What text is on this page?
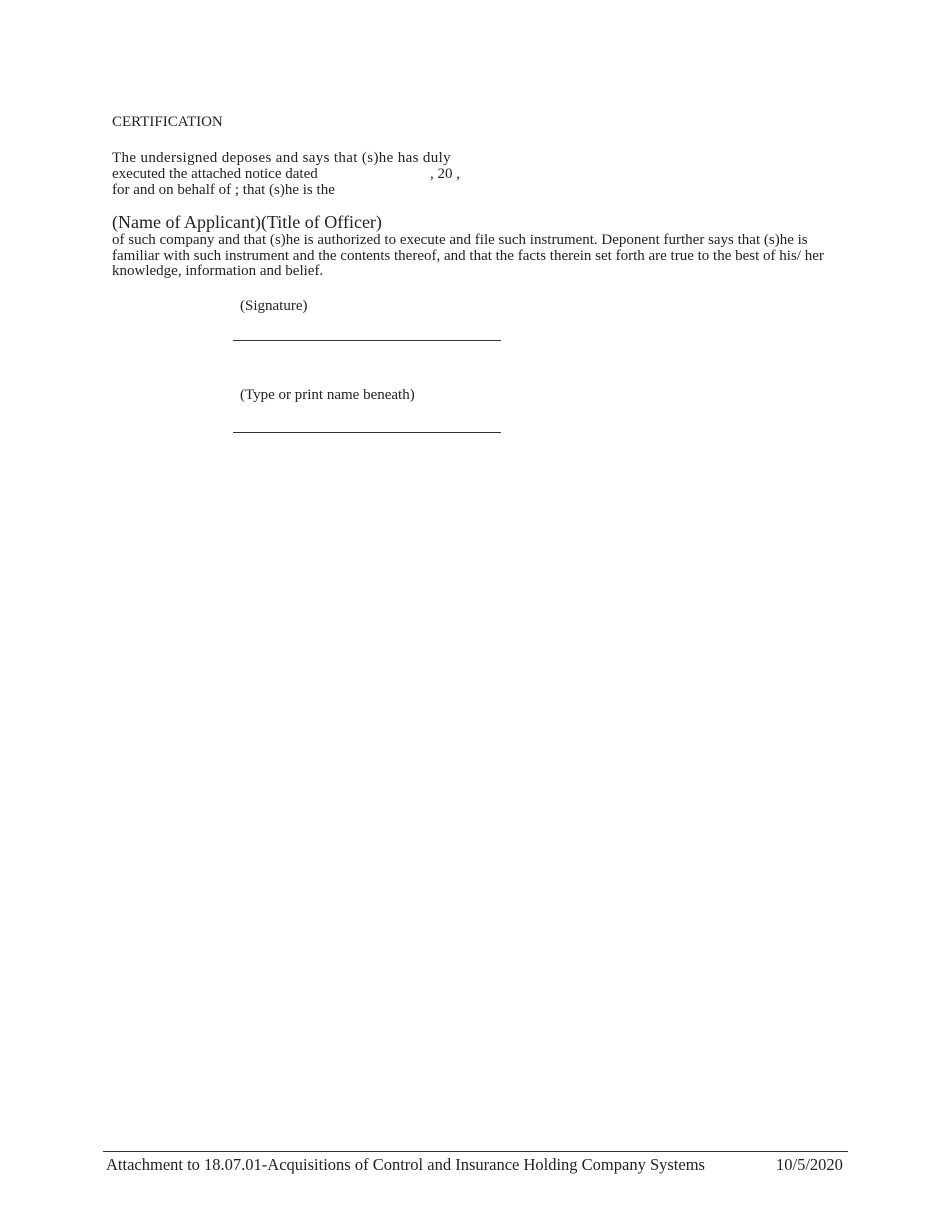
CERTIFICATION
The undersigned deposes and says that (s)he has duly
executed the attached notice dated	, 20 ,
for and on behalf of ; that (s)he is the
(Name of Applicant)(Title of Officer)
of such company and that (s)he is authorized to execute and file such instrument. Deponent further says that (s)he is familiar with such instrument and the contents thereof, and that the facts therein set forth are true to the best of his/ her knowledge, information and belief.
(Signature)
(Type or print name beneath)
Attachment to 18.07.01-Acquisitions of Control and Insurance Holding Company Systems	10/5/2020
